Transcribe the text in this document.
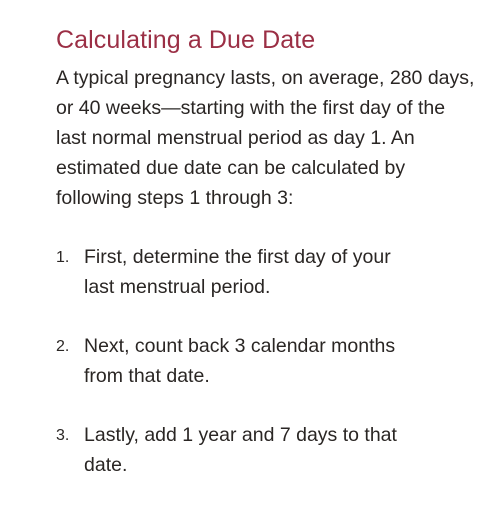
Calculating a Due Date

A typical pregnancy lasts, on average, 280 days, or 40 weeks—starting with the first day of the last normal menstrual period as day 1. An estimated due date can be calculated by following steps 1 through 3:

1. First, determine the first day of your last menstrual period.
2. Next, count back 3 calendar months from that date.
3. Lastly, add 1 year and 7 days to that date.
